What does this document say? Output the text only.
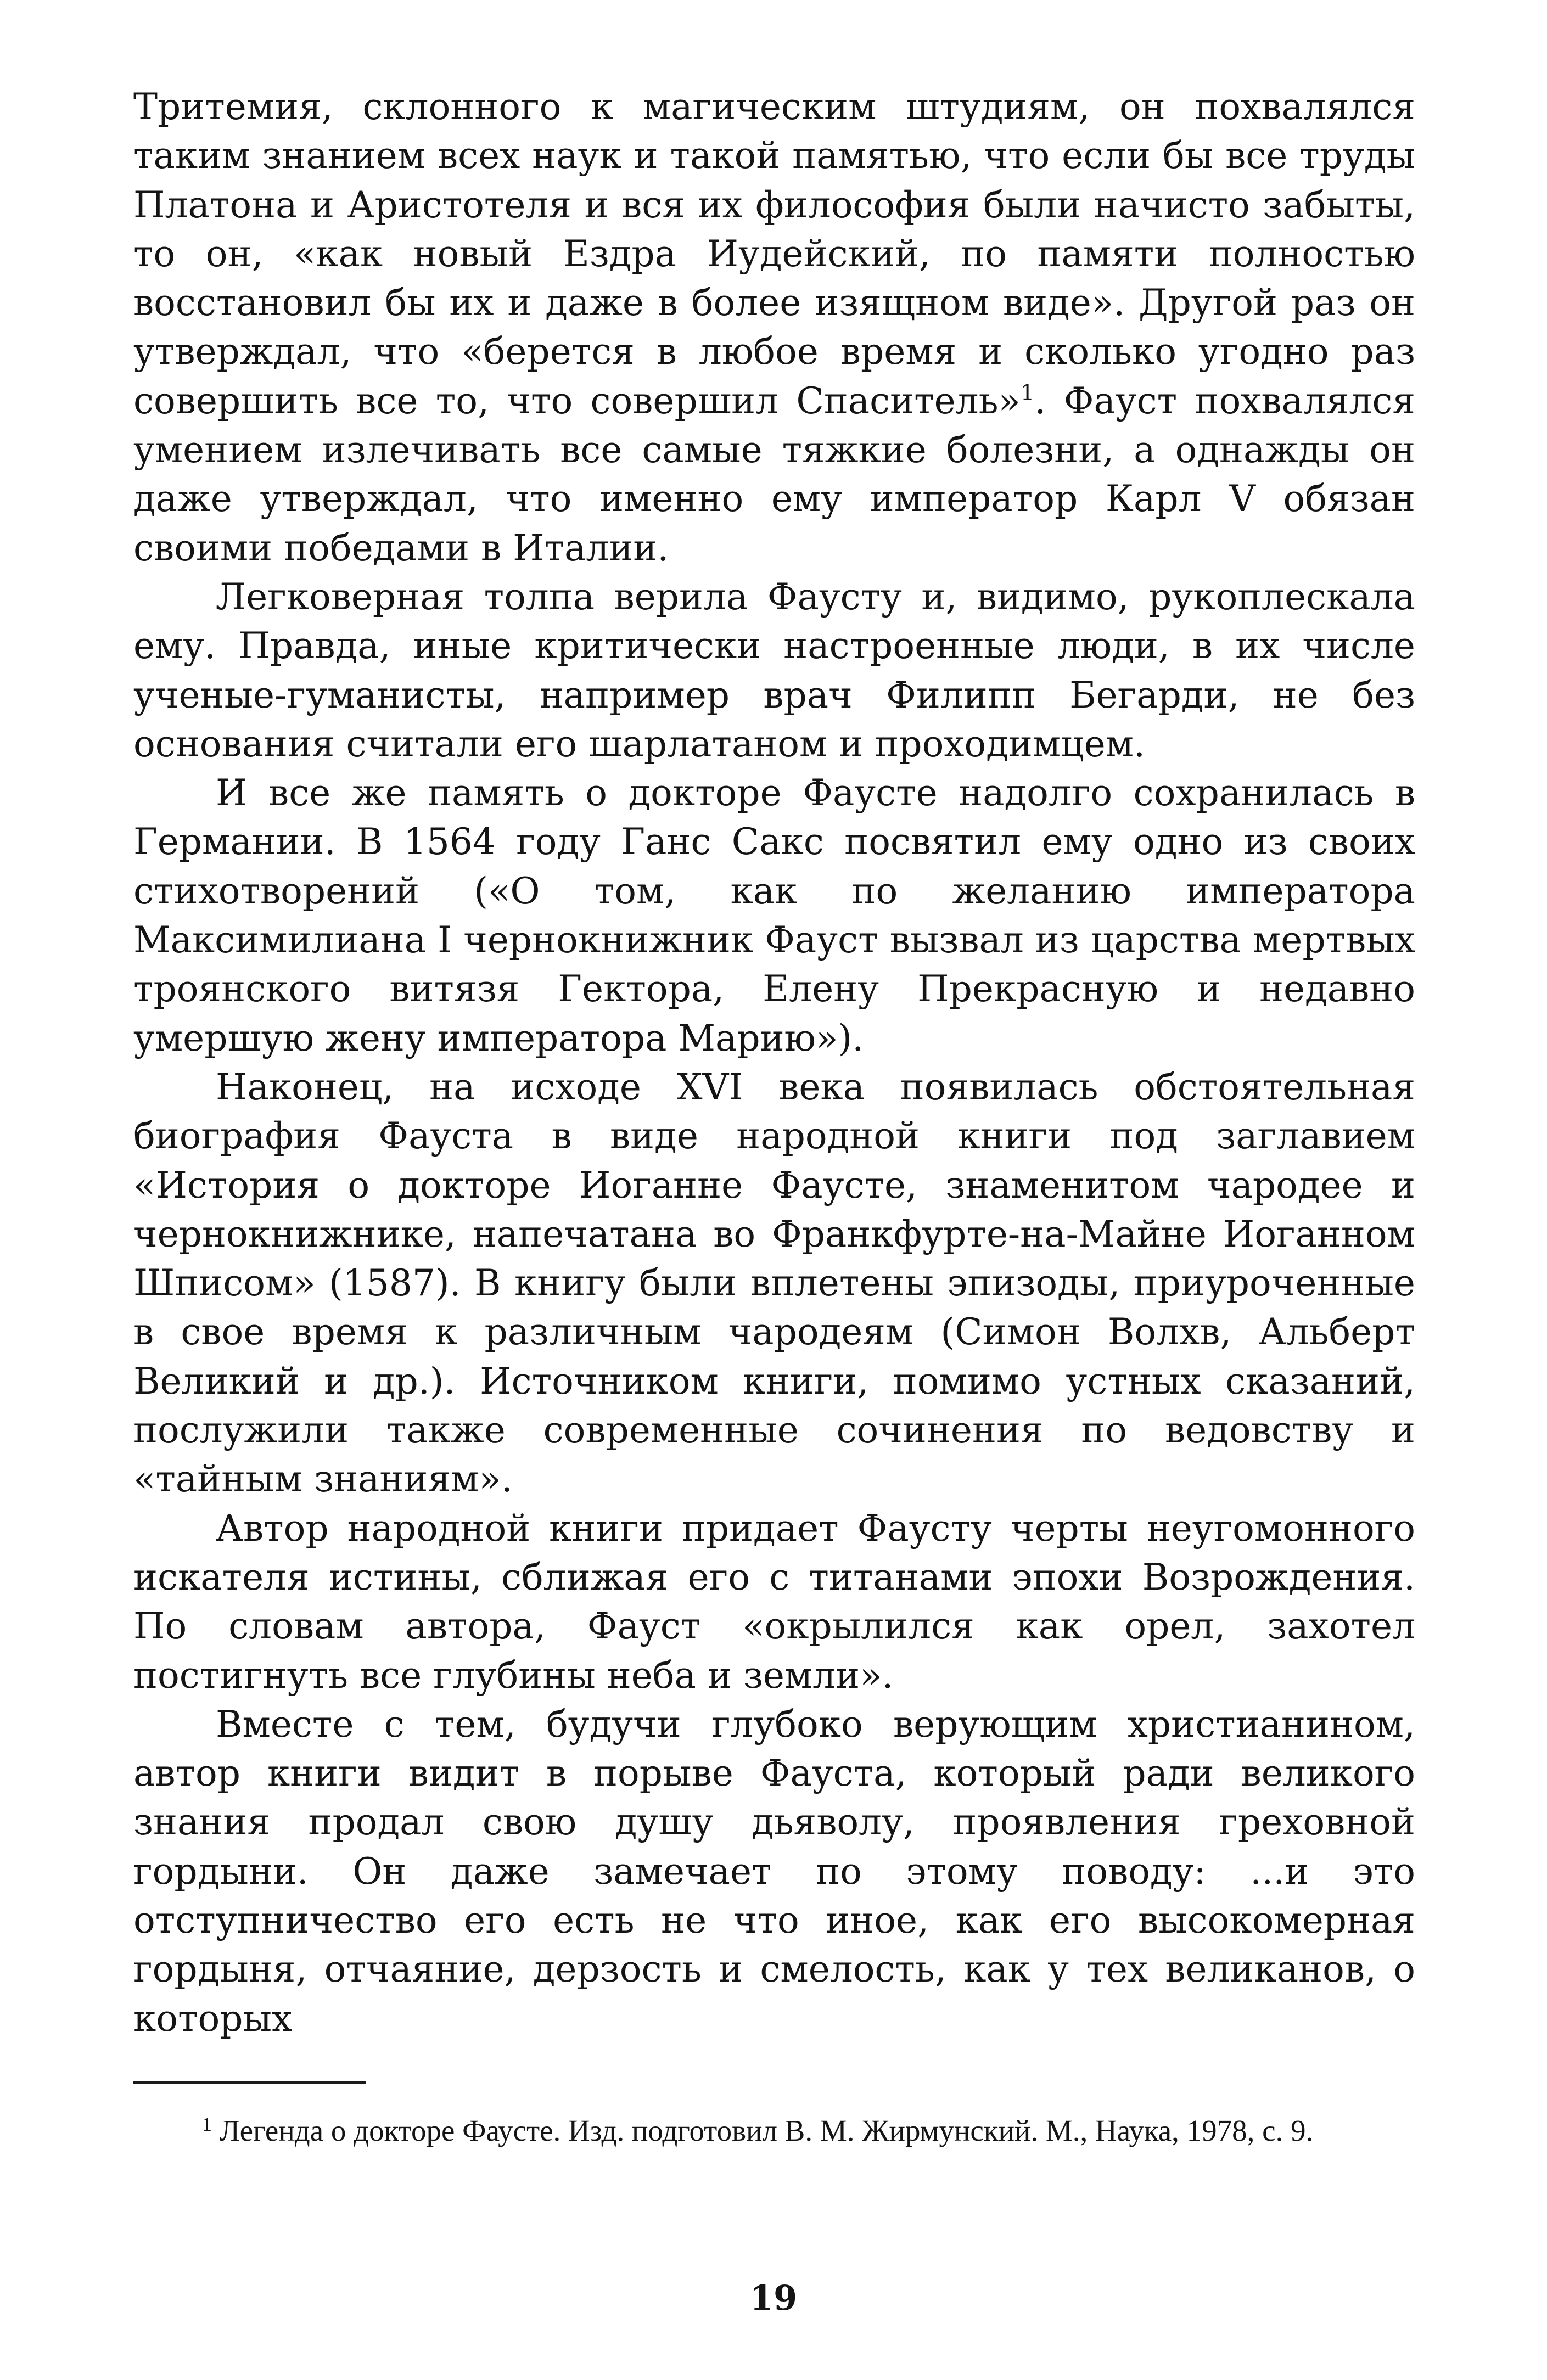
Тритемия, склонного к магическим штудиям, он похвалялся таким знанием всех наук и такой памятью, что если бы все труды Платона и Аристотеля и вся их философия были начисто забыты, то он, «как новый Ездра Иудейский, по памяти полностью восстановил бы их и даже в более изящном виде». Другой раз он утверждал, что «берется в любое время и сколько угодно раз совершить все то, что совершил Спаситель»$^1$. Фауст похвалялся умением излечивать все самые тяжкие болезни, а однажды он даже утверждал, что именно ему император Карл V обязан своими победами в Италии.

Легковерная толпа верила Фаусту и, видимо, рукоплескала ему. Правда, иные критически настроенные люди, в их числе ученые-гуманисты, например врач Филипп Бегарди, не без основания считали его шарлатаном и проходимцем.

И все же память о докторе Фаусте надолго сохранилась в Германии. В 1564 году Ганс Сакс посвятил ему одно из своих стихотворений («О том, как по желанию императора Максимилиана I чернокнижник Фауст вызвал из царства мертвых троянского витязя Гектора, Елену Прекрасную и недавно умершую жену императора Марию»).

Наконец, на исходе XVI века появилась обстоятельная биография Фауста в виде народной книги под заглавием «История о докторе Иоганне Фаусте, знаменитом чародее и чернокнижнике, напечатана во Франкфурте-на-Майне Иоганном Шписом» (1587). В книгу были вплетены эпизоды, приуроченные в свое время к различным чародеям (Симон Волхв, Альберт Великий и др.). Источником книги, помимо устных сказаний, послужили также современные сочинения по ведовству и «тайным знаниям».

Автор народной книги придает Фаусту черты неугомонного искателя истины, сближая его с титанами эпохи Возрождения. По словам автора, Фауст «окрылился как орел, захотел постигнуть все глубины неба и земли».

Вместе с тем, будучи глубоко верующим христианином, автор книги видит в порыве Фауста, который ради великого знания продал свою душу дьяволу, проявления греховной гордыни. Он даже замечает по этому поводу: ...и это отступничество его есть не что иное, как его высокомерная гордыня, отчаяние, дерзость и смелость, как у тех великанов, о которых

$^1$ Легенда о докторе Фаусте. Изд. подготовил В. М. Жирмунский. М., Наука, 1978, с. 9.

19
